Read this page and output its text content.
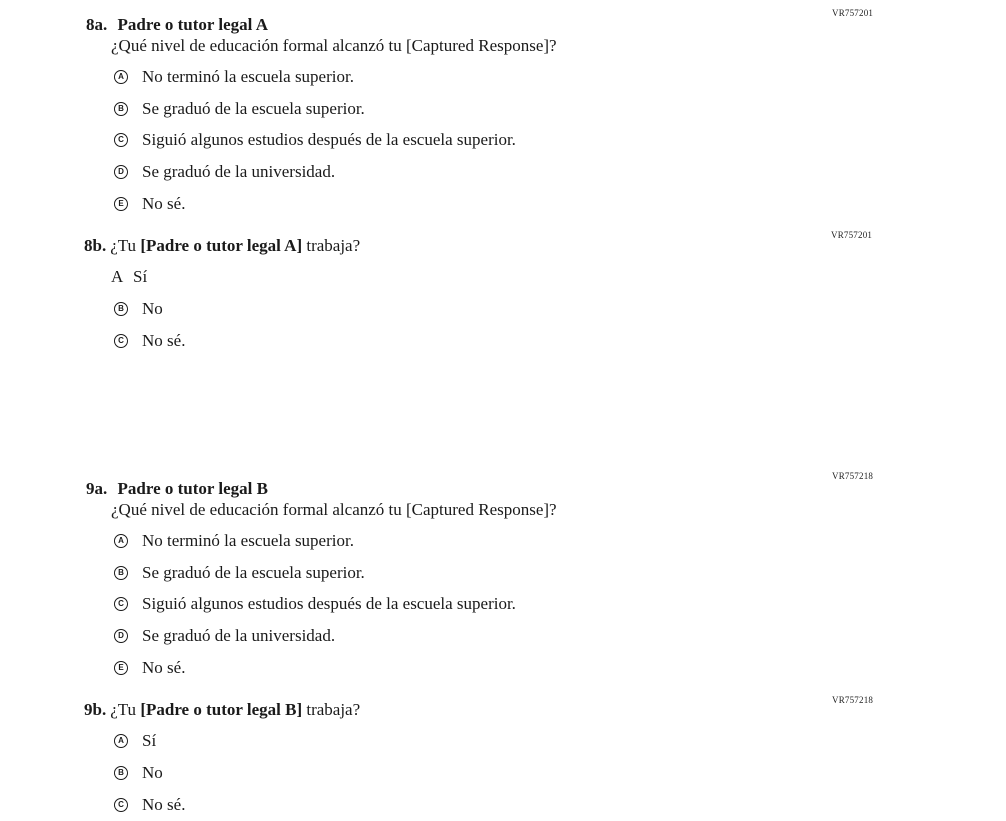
VR757201
8a. Padre o tutor legal A
¿Qué nivel de educación formal alcanzó tu [Captured Response]?
A No terminó la escuela superior.
B Se graduó de la escuela superior.
C Siguió algunos estudios después de la escuela superior.
D Se graduó de la universidad.
E No sé.
VR757201
8b. ¿Tu [Padre o tutor legal A] trabaja?
A Sí
B No
C No sé.
VR757218
9a. Padre o tutor legal B
¿Qué nivel de educación formal alcanzó tu [Captured Response]?
A No terminó la escuela superior.
B Se graduó de la escuela superior.
C Siguió algunos estudios después de la escuela superior.
D Se graduó de la universidad.
E No sé.
VR757218
9b. ¿Tu [Padre o tutor legal B] trabaja?
A Sí
B No
C No sé.
